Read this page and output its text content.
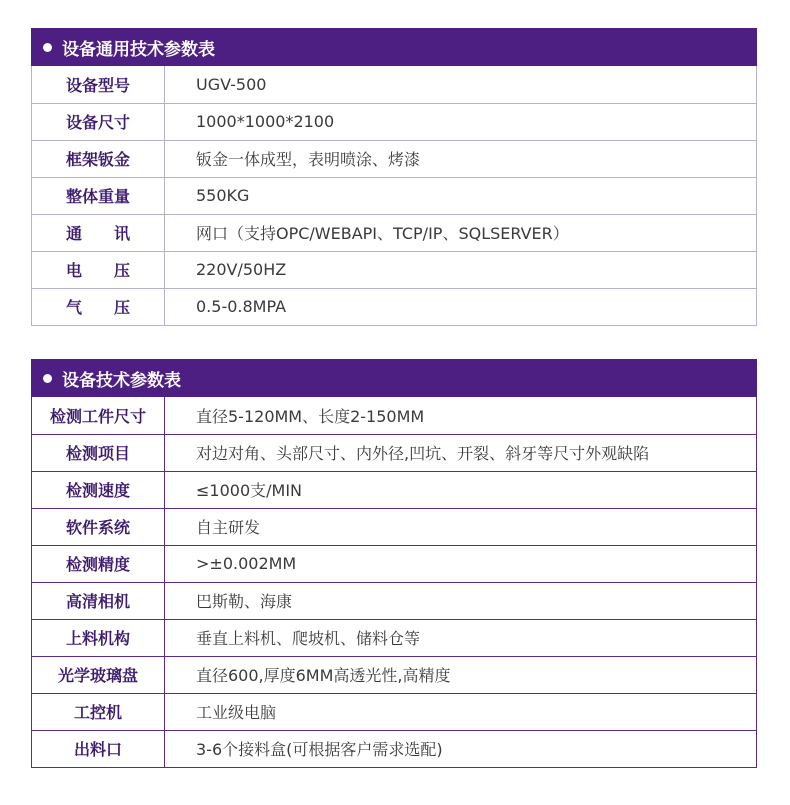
设备通用技术参数表
设备型号	UGV-500
设备尺寸	1000*1000*2100
框架钣金	钣金一体成型，表明喷涂、烤漆
整体重量	550KG
通　　讯	网口（支持OPC/WEBAPI、TCP/IP、SQLSERVER）
电　　压	220V/50HZ
气　　压	0.5-0.8MPA
设备技术参数表
检测工件尺寸	直径5-120MM、长度2-150MM
检测项目	对边对角、头部尺寸、内外径,凹坑、开裂、斜牙等尺寸外观缺陷
检测速度	≤1000支/MIN
软件系统	自主研发
检测精度	>±0.002MM
高清相机	巴斯勒、海康
上料机构	垂直上料机、爬坡机、储料仓等
光学玻璃盘	直径600,厚度6MM高透光性,高精度
工控机	工业级电脑
出料口	3-6个接料盒(可根据客户需求选配)
